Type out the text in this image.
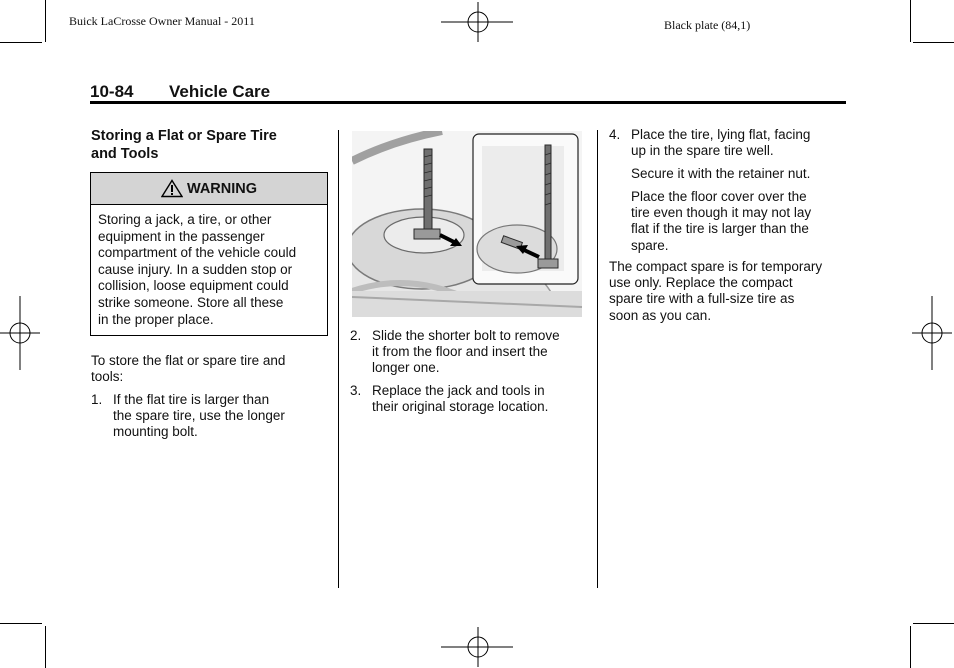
Buick LaCrosse Owner Manual - 2011	Black plate (84,1)
10-84 Vehicle Care
Storing a Flat or Spare Tire
and Tools
WARNING
Storing a jack, a tire, or other
equipment in the passenger
compartment of the vehicle could
cause injury. In a sudden stop or
collision, loose equipment could
strike someone. Store all these
in the proper place.
To store the flat or spare tire and
tools:
1. If the flat tire is larger than
the spare tire, use the longer
mounting bolt.
2. Slide the shorter bolt to remove
it from the floor and insert the
longer one.
3. Replace the jack and tools in
their original storage location.
4. Place the tire, lying flat, facing
up in the spare tire well.
Secure it with the retainer nut.
Place the floor cover over the
tire even though it may not lay
flat if the tire is larger than the
spare.
The compact spare is for temporary
use only. Replace the compact
spare tire with a full-size tire as
soon as you can.
